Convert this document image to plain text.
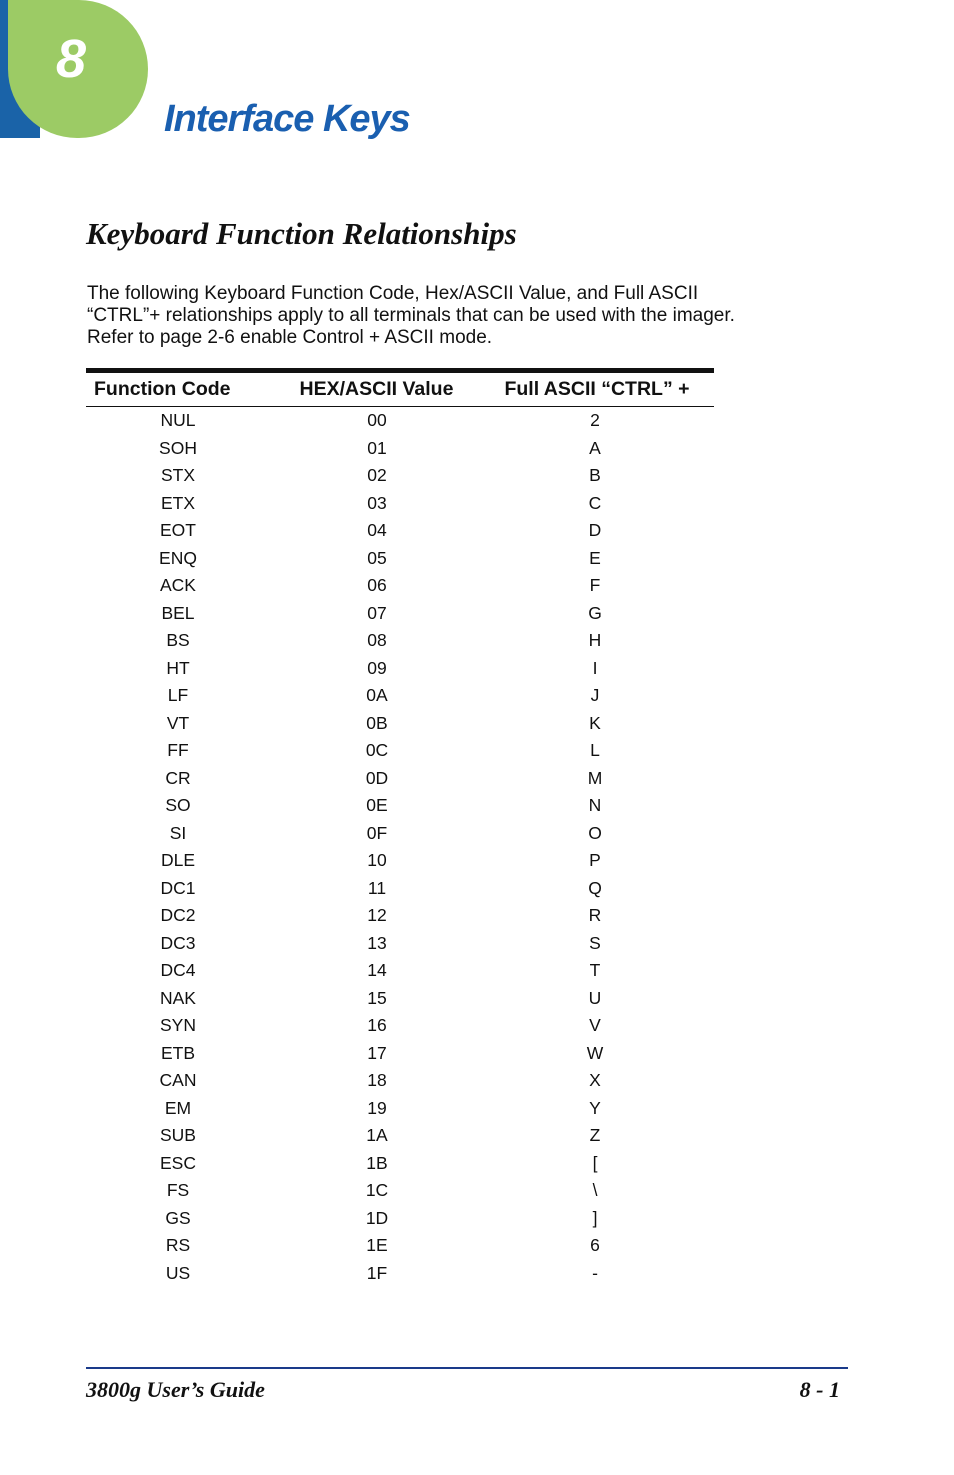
8
Interface Keys
Keyboard Function Relationships

The following Keyboard Function Code, Hex/ASCII Value, and Full ASCII
“CTRL”+ relationships apply to all terminals that can be used with the imager.
Refer to page 2-6 enable Control + ASCII mode.

Function Code	HEX/ASCII Value	Full ASCII “CTRL” +
NUL	00	2
SOH	01	A
STX	02	B
ETX	03	C
EOT	04	D
ENQ	05	E
ACK	06	F
BEL	07	G
BS	08	H
HT	09	I
LF	0A	J
VT	0B	K
FF	0C	L
CR	0D	M
SO	0E	N
SI	0F	O
DLE	10	P
DC1	11	Q
DC2	12	R
DC3	13	S
DC4	14	T
NAK	15	U
SYN	16	V
ETB	17	W
CAN	18	X
EM	19	Y
SUB	1A	Z
ESC	1B	[
FS	1C	\
GS	1D	]
RS	1E	6
US	1F	-
3800g User’s Guide	8 - 1
